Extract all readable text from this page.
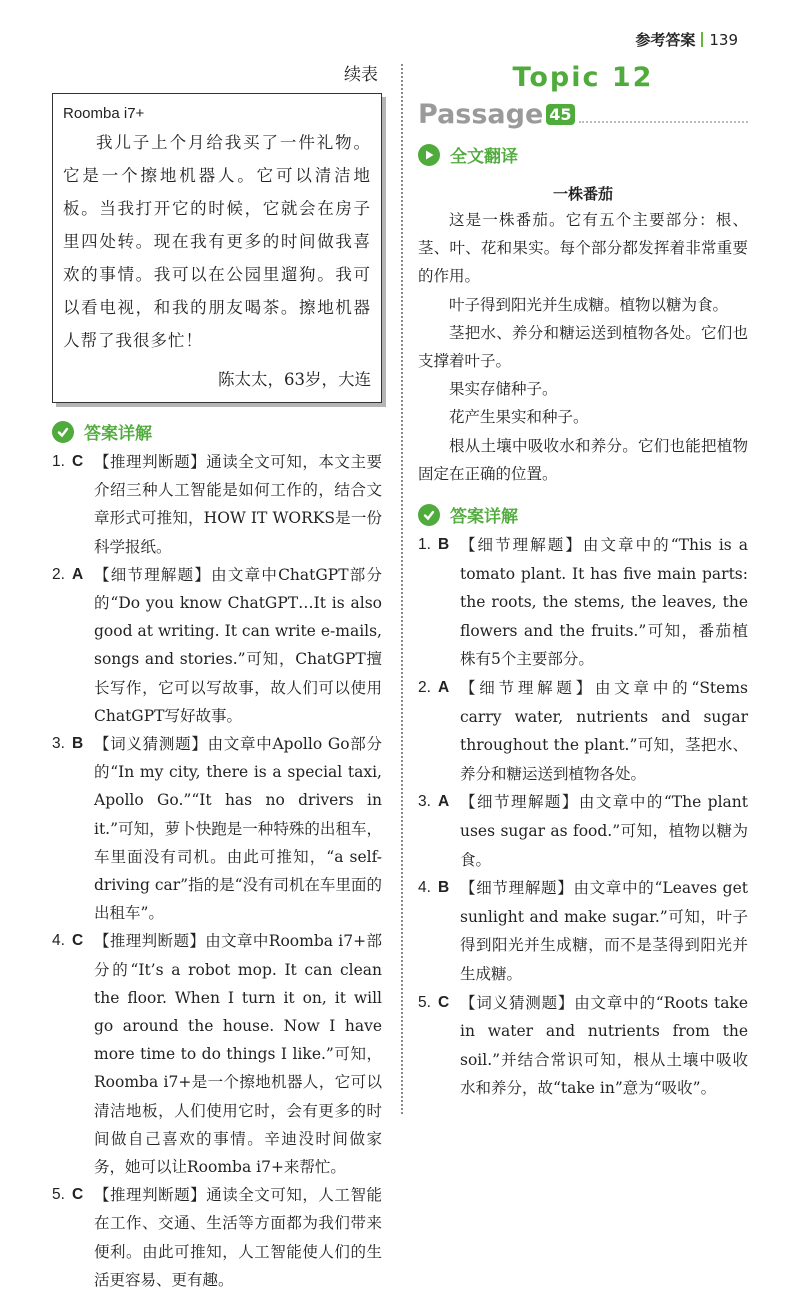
参考答案 139
续表
Roomba i7+

我儿子上个月给我买了一件礼物。它是一个擦地机器人。它可以清洁地板。当我打开它的时候，它就会在房子里四处转。现在我有更多的时间做我喜欢的事情。我可以在公园里遛狗。我可以看电视，和我的朋友喝茶。擦地机器人帮了我很多忙！

陈太太，63岁，大连
答案详解
1. C 【推理判断题】通读全文可知，本文主要介绍三种人工智能是如何工作的，结合文章形式可推知，HOW IT WORKS是一份科学报纸。
2. A 【细节理解题】由文章中ChatGPT部分的“Do you know ChatGPT…It is also good at writing. It can write e-mails, songs and stories.”可知，ChatGPT擅长写作，它可以写故事，故人们可以使用ChatGPT写好故事。
3. B 【词义猜测题】由文章中Apollo Go部分的“In my city, there is a special taxi, Apollo Go.”“It has no drivers in it.”可知，萝卜快跑是一种特殊的出租车，车里面没有司机。由此可推知，“a self-driving car”指的是“没有司机在车里面的出租车”。
4. C 【推理判断题】由文章中Roomba i7+部分的“It’s a robot mop. It can clean the floor. When I turn it on, it will go around the house. Now I have more time to do things I like.”可知，Roomba i7+是一个擦地机器人，它可以清洁地板，人们使用它时，会有更多的时间做自己喜欢的事情。辛迪没时间做家务，她可以让Roomba i7+来帮忙。
5. C 【推理判断题】通读全文可知，人工智能在工作、交通、生活等方面都为我们带来便利。由此可推知，人工智能使人们的生活更容易、更有趣。
Topic 12
Passage 45
全文翻译
一株番茄

这是一株番茄。它有五个主要部分：根、茎、叶、花和果实。每个部分都发挥着非常重要的作用。

叶子得到阳光并生成糖。植物以糖为食。

茎把水、养分和糖运送到植物各处。它们也支撑着叶子。

果实存储种子。

花产生果实和种子。

根从土壤中吸收水和养分。它们也能把植物固定在正确的位置。

答案详解
1. B 【细节理解题】由文章中的“This is a tomato plant. It has five main parts: the roots, the stems, the leaves, the flowers and the fruits.”可知，番茄植株有5个主要部分。
2. A 【细节理解题】由文章中的“Stems carry water, nutrients and sugar throughout the plant.”可知，茎把水、养分和糖运送到植物各处。
3. A 【细节理解题】由文章中的“The plant uses sugar as food.”可知，植物以糖为食。
4. B 【细节理解题】由文章中的“Leaves get sunlight and make sugar.”可知，叶子得到阳光并生成糖，而不是茎得到阳光并生成糖。
5. C 【词义猜测题】由文章中的“Roots take in water and nutrients from the soil.”并结合常识可知，根从土壤中吸收水和养分，故“take in”意为“吸收”。
